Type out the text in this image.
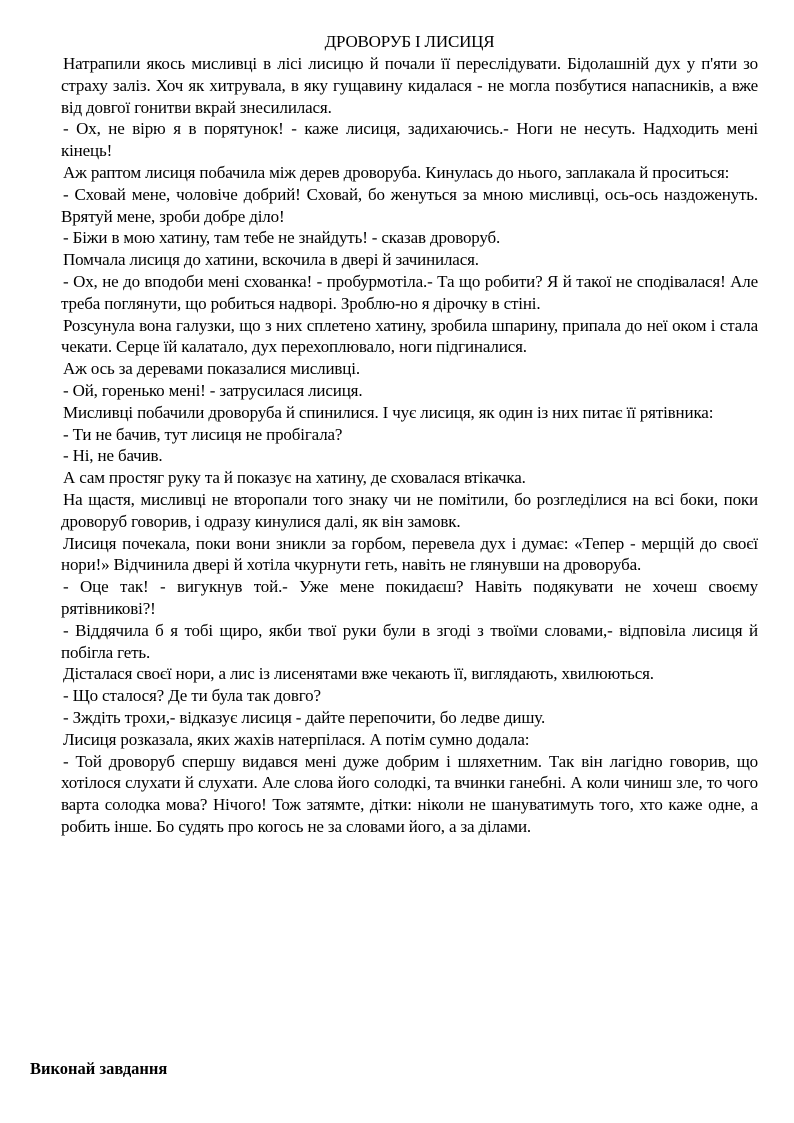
ДРОВОРУБ І ЛИСИЦЯ

Натрапили якось мисливці в лісі лисицю й почали її переслідувати. Бідолашній дух у п'яти зо страху заліз. Хоч як хитрувала, в яку гущавину кидалася - не могла позбутися напасників, а вже від довгої гонитви вкрай знесилилася.

- Ох, не вірю я в порятунок! - каже лисиця, задихаючись.- Ноги не несуть. Надходить мені кінець!

Аж раптом лисиця побачила між дерев дроворуба. Кинулась до нього, заплакала й проситься:

- Сховай мене, чоловіче добрий! Сховай, бо женуться за мною мисливці, ось-ось наздоженуть. Врятуй мене, зроби добре діло!

- Біжи в мою хатину, там тебе не знайдуть! - сказав дроворуб.

Помчала лисиця до хатини, вскочила в двері й зачинилася.

- Ох, не до вподоби мені схованка! - пробурмотіла.- Та що робити? Я й такої не сподівалася! Але треба поглянути, що робиться надворі. Зроблю-но я дірочку в стіні.

Розсунула вона галузки, що з них сплетено хатину, зробила шпарину, припала до неї оком і стала чекати. Серце їй калатало, дух перехоплювало, ноги підгиналися.

Аж ось за деревами показалися мисливці.

- Ой, горенько мені! - затрусилася лисиця.

Мисливці побачили дроворуба й спинилися. І чує лисиця, як один із них питає її рятівника:

- Ти не бачив, тут лисиця не пробігала?

- Ні, не бачив.

А сам простяг руку та й показує на хатину, де сховалася втікачка.

На щастя, мисливці не второпали того знаку чи не помітили, бо розгледілися на всі боки, поки дроворуб говорив, і одразу кинулися далі, як він замовк.

Лисиця почекала, поки вони зникли за горбом, перевела дух і думає: «Тепер - мерщій до своєї нори!» Відчинила двері й хотіла чкурнути геть, навіть не глянувши на дроворуба.

- Оце так! - вигукнув той.- Уже мене покидаєш? Навіть подякувати не хочеш своєму рятівникові?!

- Віддячила б я тобі щиро, якби твої руки були в згоді з твоїми словами,- відповіла лисиця й побігла геть.

Дісталася своєї нори, а лис із лисенятами вже чекають її, виглядають, хвилюються.

- Що сталося? Де ти була так довго?

- Зждіть трохи,- відказує лисиця - дайте перепочити, бо ледве дишу.

Лисиця розказала, яких жахів натерпілася. А потім сумно додала:

- Той дроворуб спершу видався мені дуже добрим і шляхетним. Так він лагідно говорив, що хотілося слухати й слухати. Але слова його солодкі, та вчинки ганебні. А коли чиниш зле, то чого варта солодка мова? Нічого! Тож затямте, дітки: ніколи не шануватимуть того, хто каже одне, а робить інше. Бо судять про когось не за словами його, а за ділами.

Виконай завдання
